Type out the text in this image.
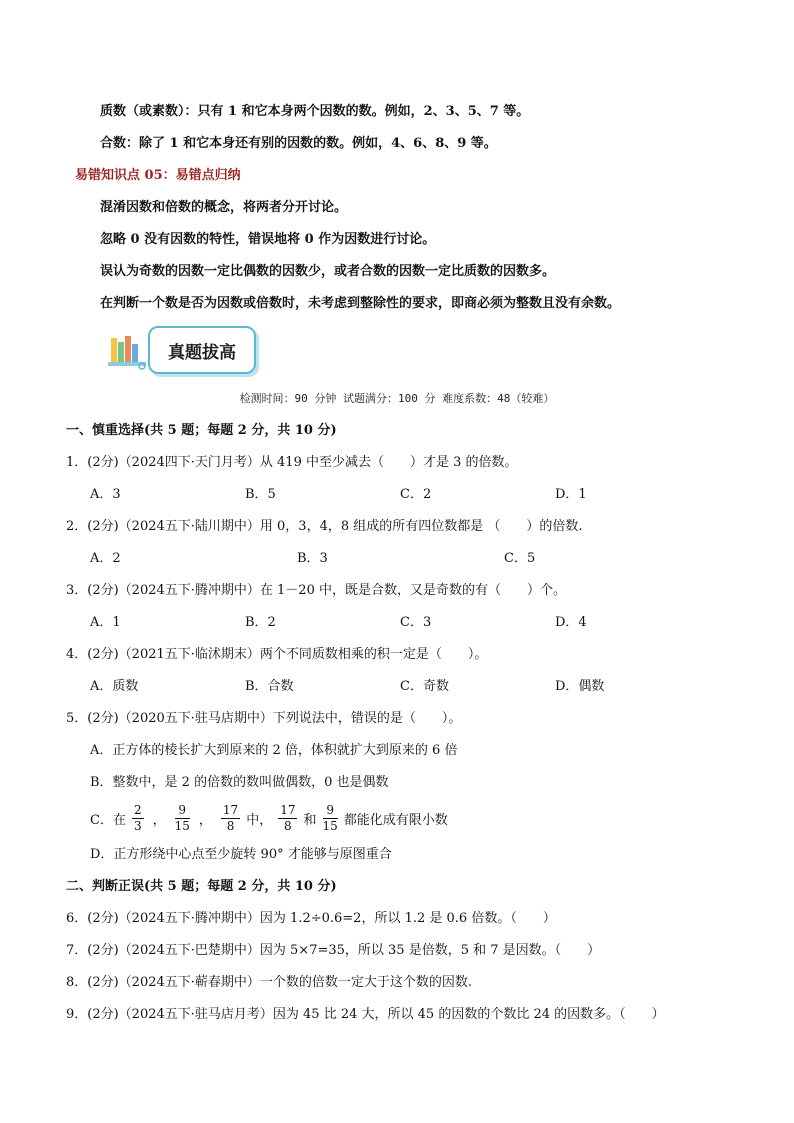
质数（或素数）：只有 1 和它本身两个因数的数。例如，2、3、5、7 等。
合数：除了 1 和它本身还有别的因数的数。例如，4、6、8、9 等。
易错知识点 05：易错点归纳
混淆因数和倍数的概念，将两者分开讨论。
忽略 0 没有因数的特性，错误地将 0 作为因数进行讨论。
误认为奇数的因数一定比偶数的因数少，或者合数的因数一定比质数的因数多。
在判断一个数是否为因数或倍数时，未考虑到整除性的要求，即商必须为整数且没有余数。
真题拔高
检测时间：90 分钟 试题满分：100 分 难度系数：48（较难）
一、慎重选择(共 5 题；每题 2 分，共 10 分)
1．(2分)（2024四下·天门月考）从 419 中至少减去（　　）才是 3 的倍数。
A．3	B．5	C．2	D．1
2．(2分)（2024五下·陆川期中）用 0，3，4，8 组成的所有四位数都是 （　　）的倍数.
A．2	B．3	C．5
3．(2分)（2024五下·腾冲期中）在 1－20 中，既是合数，又是奇数的有（　　）个。
A．1	B．2	C．3	D．4
4．(2分)（2021五下·临沭期末）两个不同质数相乘的积一定是（　　）。
A．质数	B．合数	C．奇数	D．偶数
5．(2分)（2020五下·驻马店期中）下列说法中，错误的是（　　）。
A．正方体的棱长扩大到原来的 2 倍，体积就扩大到原来的 6 倍
B．整数中，是 2 的倍数的数叫做偶数，0 也是偶数
C．在 $\frac{2}{3}$ ， $\frac{9}{15}$ ， $\frac{17}{8}$ 中， $\frac{17}{8}$ 和 $\frac{9}{15}$ 都能化成有限小数
D．正方形绕中心点至少旋转 90° 才能够与原图重合
二、判断正误(共 5 题；每题 2 分，共 10 分)
6．(2分)（2024五下·腾冲期中）因为 1.2÷0.6=2，所以 1.2 是 0.6 倍数。（　　）
7．(2分)（2024五下·巴楚期中）因为 5×7=35，所以 35 是倍数，5 和 7 是因数。（　　）
8．(2分)（2024五下·蕲春期中）一个数的倍数一定大于这个数的因数.
9．(2分)（2024五下·驻马店月考）因为 45 比 24 大，所以 45 的因数的个数比 24 的因数多。（　　）
